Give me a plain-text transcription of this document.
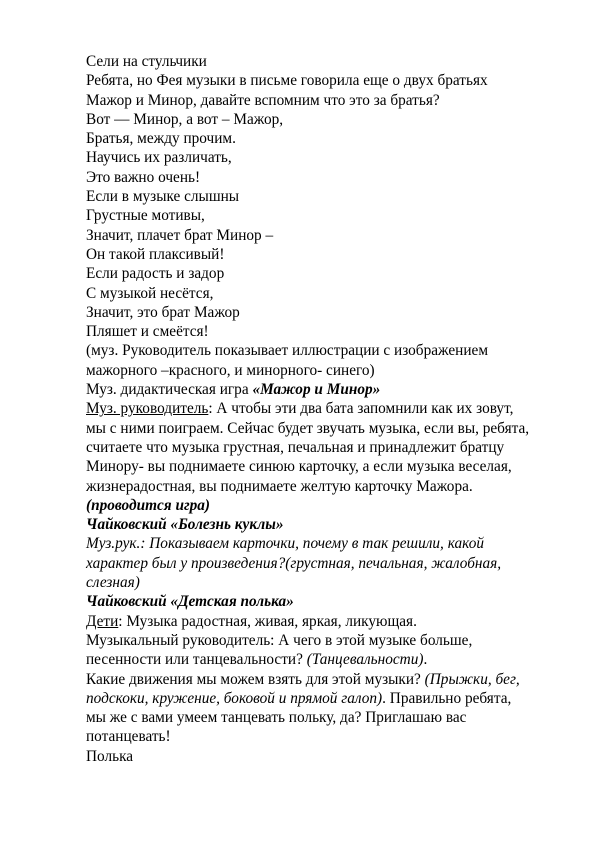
Сели на стульчики
Ребята, но Фея музыки в письме говорила еще о двух братьях
Мажор и Минор, давайте вспомним что это за братья?
Вот — Минор, а вот – Мажор,
Братья, между прочим.
Научись их различать,
Это важно очень!
Если в музыке слышны
Грустные мотивы,
Значит, плачет брат Минор –
Он такой плаксивый!
Если радость и задор
С музыкой несётся,
Значит, это брат Мажор
Пляшет и смеётся!
(муз. Руководитель показывает иллюстрации с изображением
мажорного –красного, и минорного- синего)
Муз. дидактическая игра «Мажор и Минор»
Муз. руководитель: А чтобы эти два бата запомнили как их зовут,
мы с ними поиграем. Сейчас будет звучать музыка, если вы, ребята,
считаете что музыка грустная, печальная и принадлежит братцу
Минору- вы поднимаете синюю карточку, а если музыка веселая,
жизнерадостная, вы поднимаете желтую карточку Мажора.
(проводится игра)
Чайковский «Болезнь куклы»
Муз.рук.: Показываем карточки, почему в так решили, какой
характер был у произведения?(грустная, печальная, жалобная,
слезная)
Чайковский «Детская полька»
Дети: Музыка радостная, живая, яркая, ликующая.
Музыкальный руководитель: А чего в этой музыке больше,
песенности или танцевальности? (Танцевальности).
Какие движения мы можем взять для этой музыки? (Прыжки, бег,
подскоки, кружение, боковой и прямой галоп). Правильно ребята,
мы же с вами умеем танцевать польку, да? Приглашаю вас
потанцевать!
Полька
